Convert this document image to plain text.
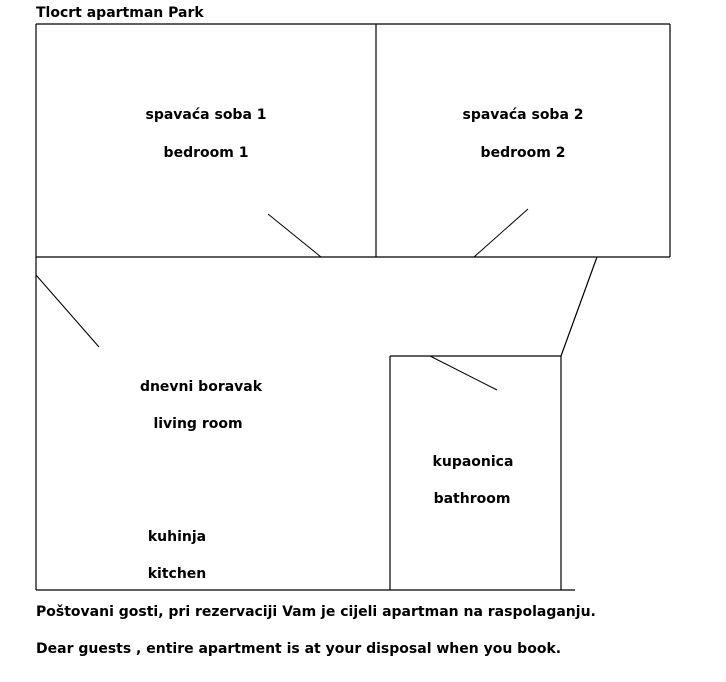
Tlocrt apartman Park
spavaća soba 1
bedroom 1
spavaća soba 2
bedroom 2
dnevni boravak
living room
kuhinja
kitchen
kupaonica
bathroom
Poštovani gosti, pri rezervaciji Vam je cijeli apartman na raspolaganju.
Dear guests , entire apartment is at your disposal when you book.
